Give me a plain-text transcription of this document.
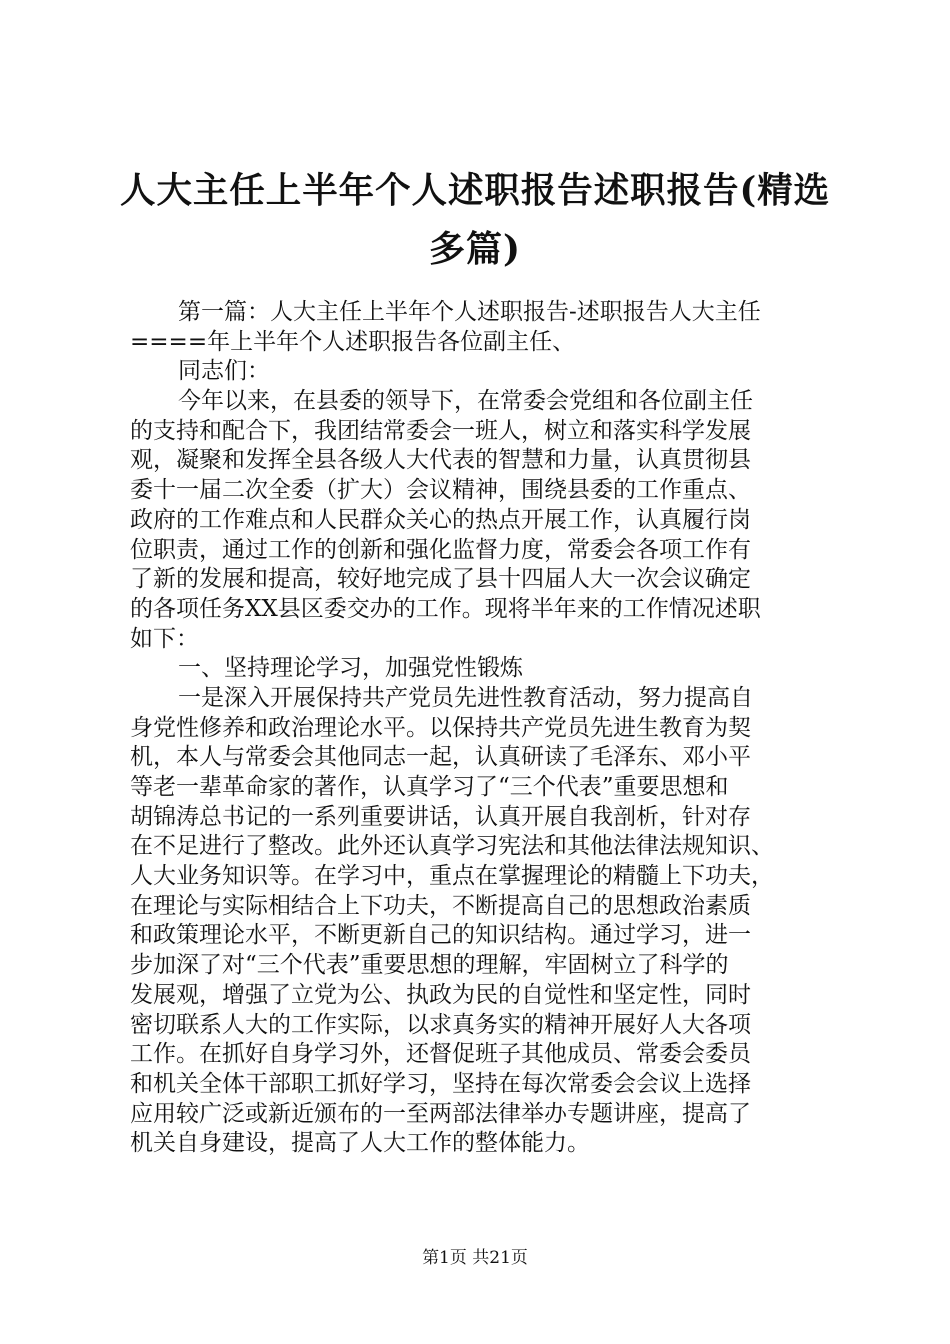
人大主任上半年个人述职报告述职报告(精选
多篇)
第一篇：人大主任上半年个人述职报告-述职报告人大主任
====年上半年个人述职报告各位副主任、
同志们：
今年以来，在县委的领导下，在常委会党组和各位副主任
的支持和配合下，我团结常委会一班人，树立和落实科学发展
观，凝聚和发挥全县各级人大代表的智慧和力量，认真贯彻县
委十一届二次全委（扩大）会议精神，围绕县委的工作重点、
政府的工作难点和人民群众关心的热点开展工作，认真履行岗
位职责，通过工作的创新和强化监督力度，常委会各项工作有
了新的发展和提高，较好地完成了县十四届人大一次会议确定
的各项任务XX县区委交办的工作。现将半年来的工作情况述职
如下：
一、坚持理论学习，加强党性锻炼
一是深入开展保持共产党员先进性教育活动，努力提高自
身党性修养和政治理论水平。以保持共产党员先进生教育为契
机，本人与常委会其他同志一起，认真研读了毛泽东、邓小平
等老一辈革命家的著作，认真学习了“三个代表”重要思想和
胡锦涛总书记的一系列重要讲话，认真开展自我剖析，针对存
在不足进行了整改。此外还认真学习宪法和其他法律法规知识、
人大业务知识等。在学习中，重点在掌握理论的精髓上下功夫，
在理论与实际相结合上下功夫，不断提高自己的思想政治素质
和政策理论水平，不断更新自己的知识结构。通过学习，进一
步加深了对“三个代表”重要思想的理解，牢固树立了科学的
发展观，增强了立党为公、执政为民的自觉性和坚定性，同时
密切联系人大的工作实际，以求真务实的精神开展好人大各项
工作。在抓好自身学习外，还督促班子其他成员、常委会委员
和机关全体干部职工抓好学习，坚持在每次常委会会议上选择
应用较广泛或新近颁布的一至两部法律举办专题讲座，提高了
机关自身建设，提高了人大工作的整体能力。
第1页 共21页
